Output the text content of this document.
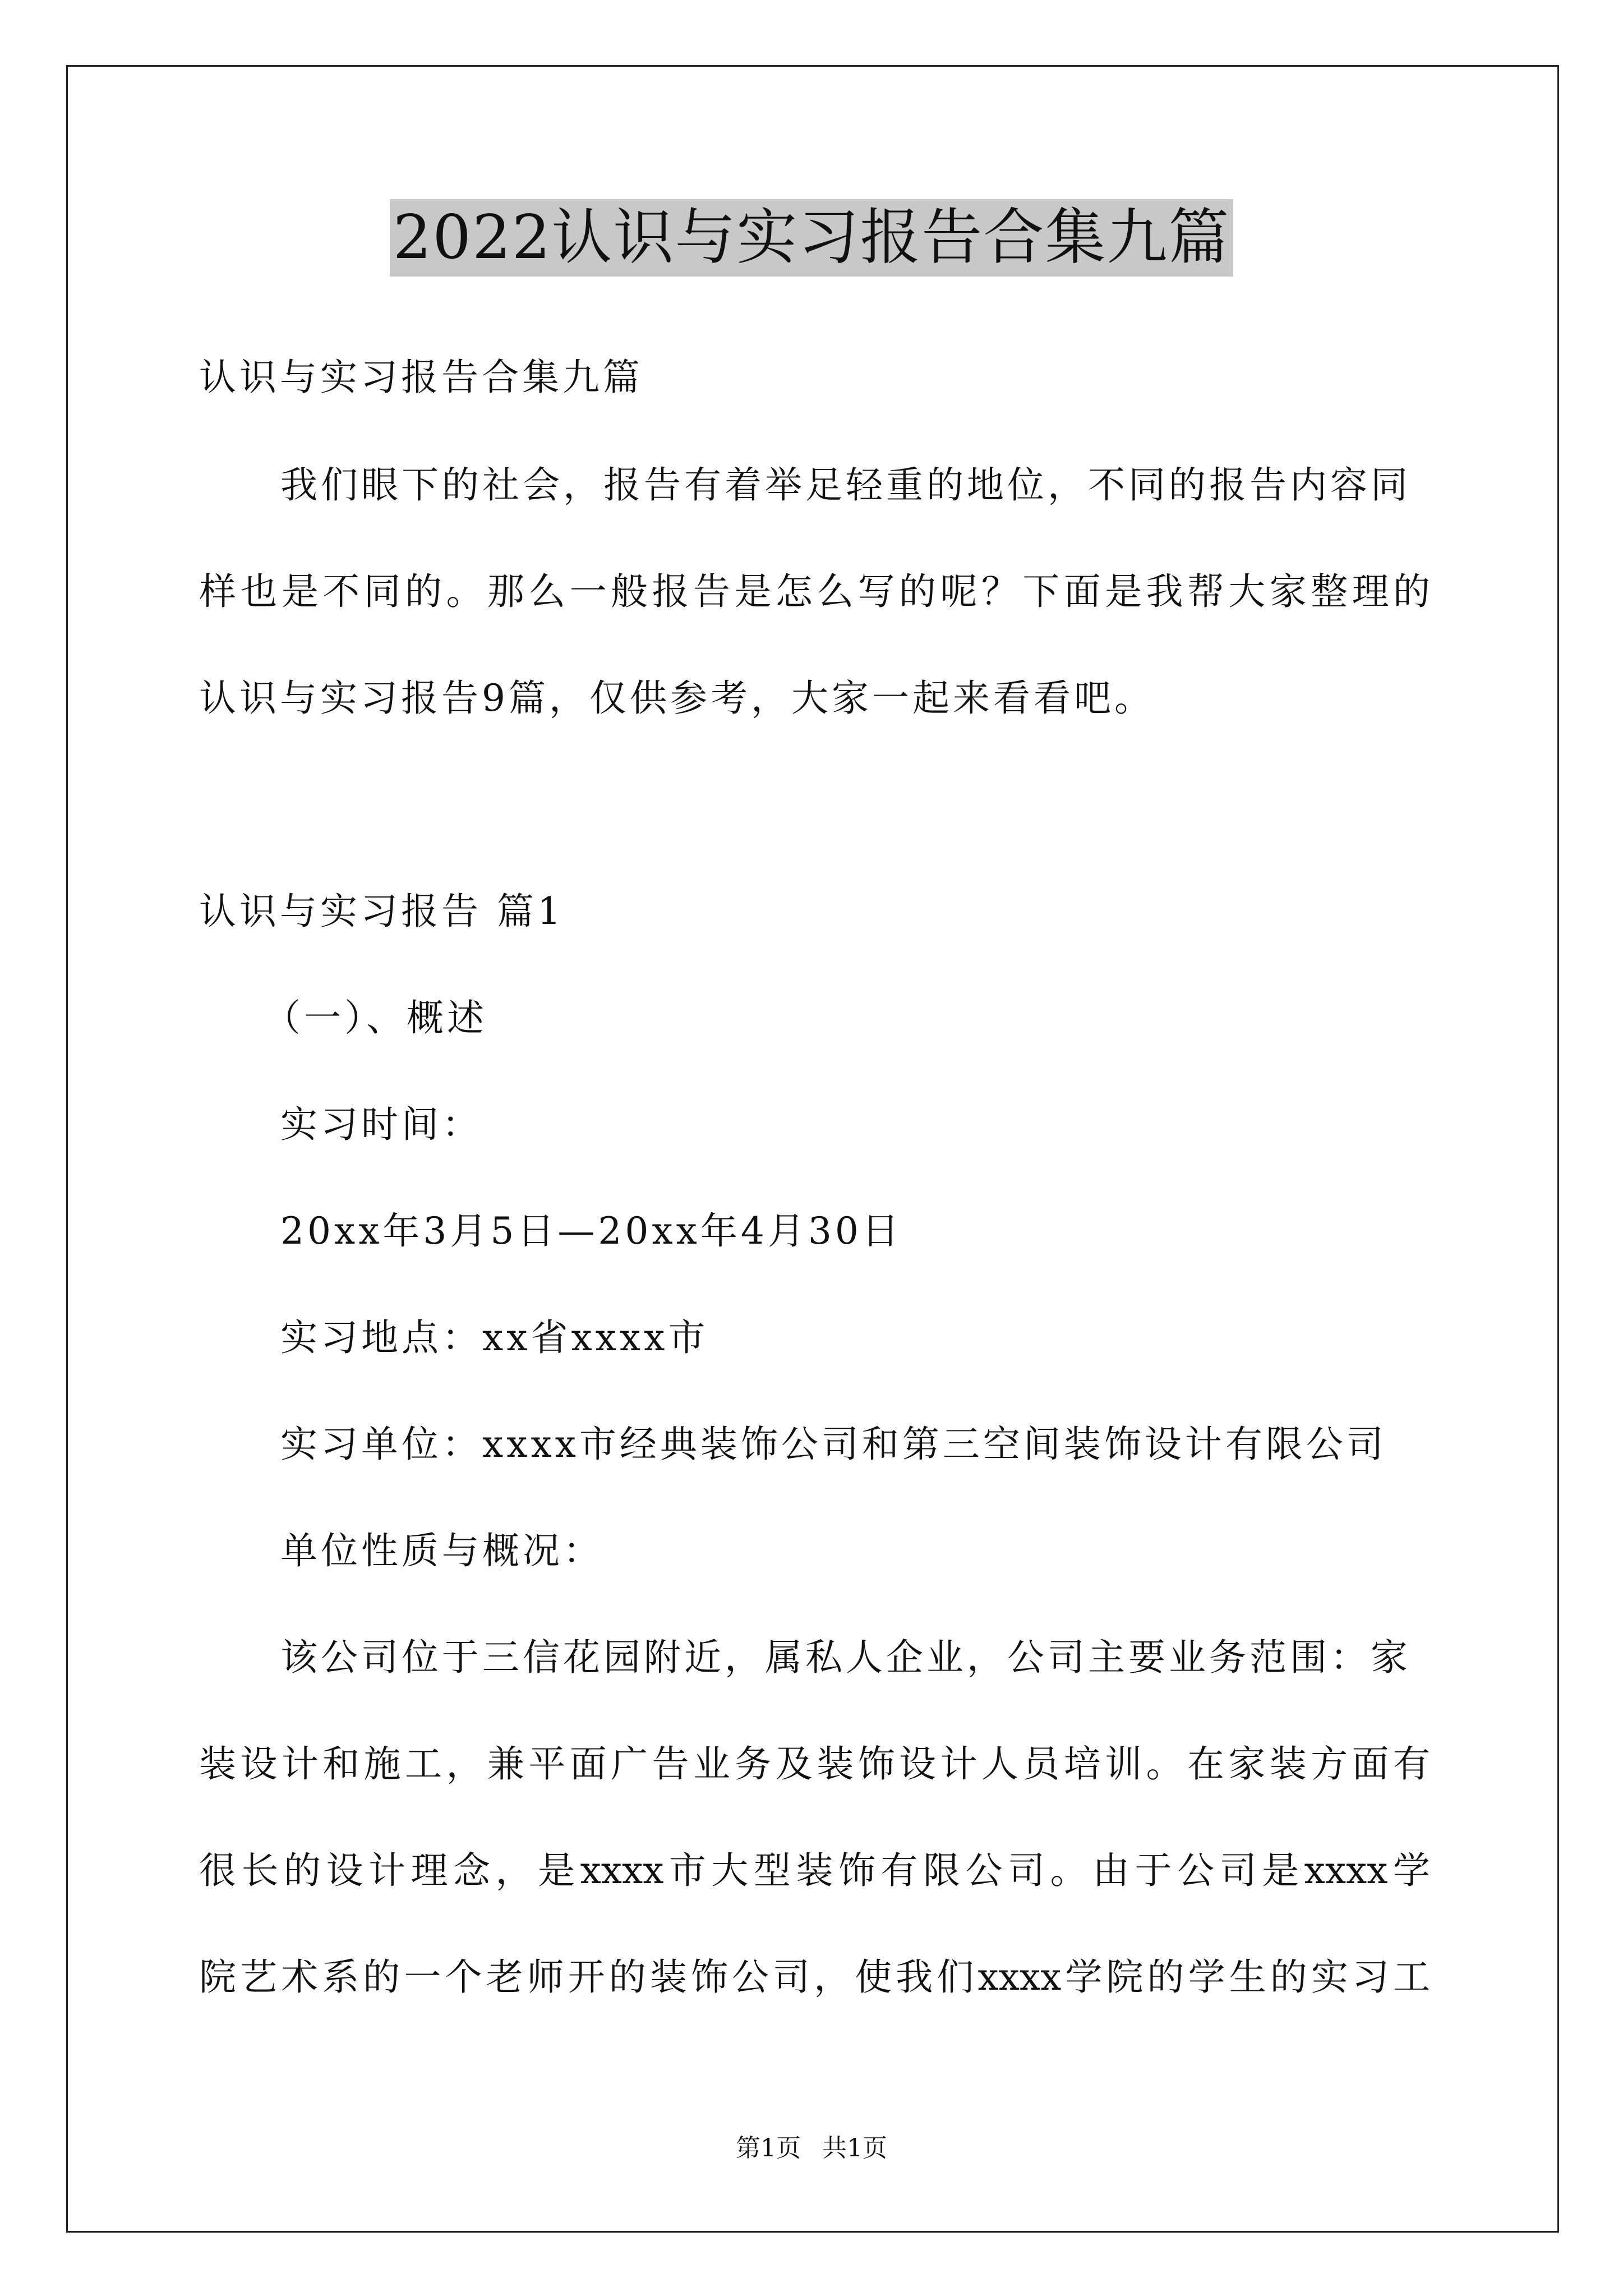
2022认识与实习报告合集九篇
认识与实习报告合集九篇
我们眼下的社会，报告有着举足轻重的地位，不同的报告内容同
样也是不同的。那么一般报告是怎么写的呢？下面是我帮大家整理的
认识与实习报告9篇，仅供参考，大家一起来看看吧。
认识与实习报告 篇1
（一）、概述
实习时间：
20xx年3月5日—20xx年4月30日
实习地点：xx省xxxx市
实习单位：xxxx市经典装饰公司和第三空间装饰设计有限公司
单位性质与概况：
该公司位于三信花园附近，属私人企业，公司主要业务范围：家
装设计和施工，兼平面广告业务及装饰设计人员培训。在家装方面有
很长的设计理念，是xxxx市大型装饰有限公司。由于公司是xxxx学
院艺术系的一个老师开的装饰公司，使我们xxxx学院的学生的实习工
第1页 共1页
